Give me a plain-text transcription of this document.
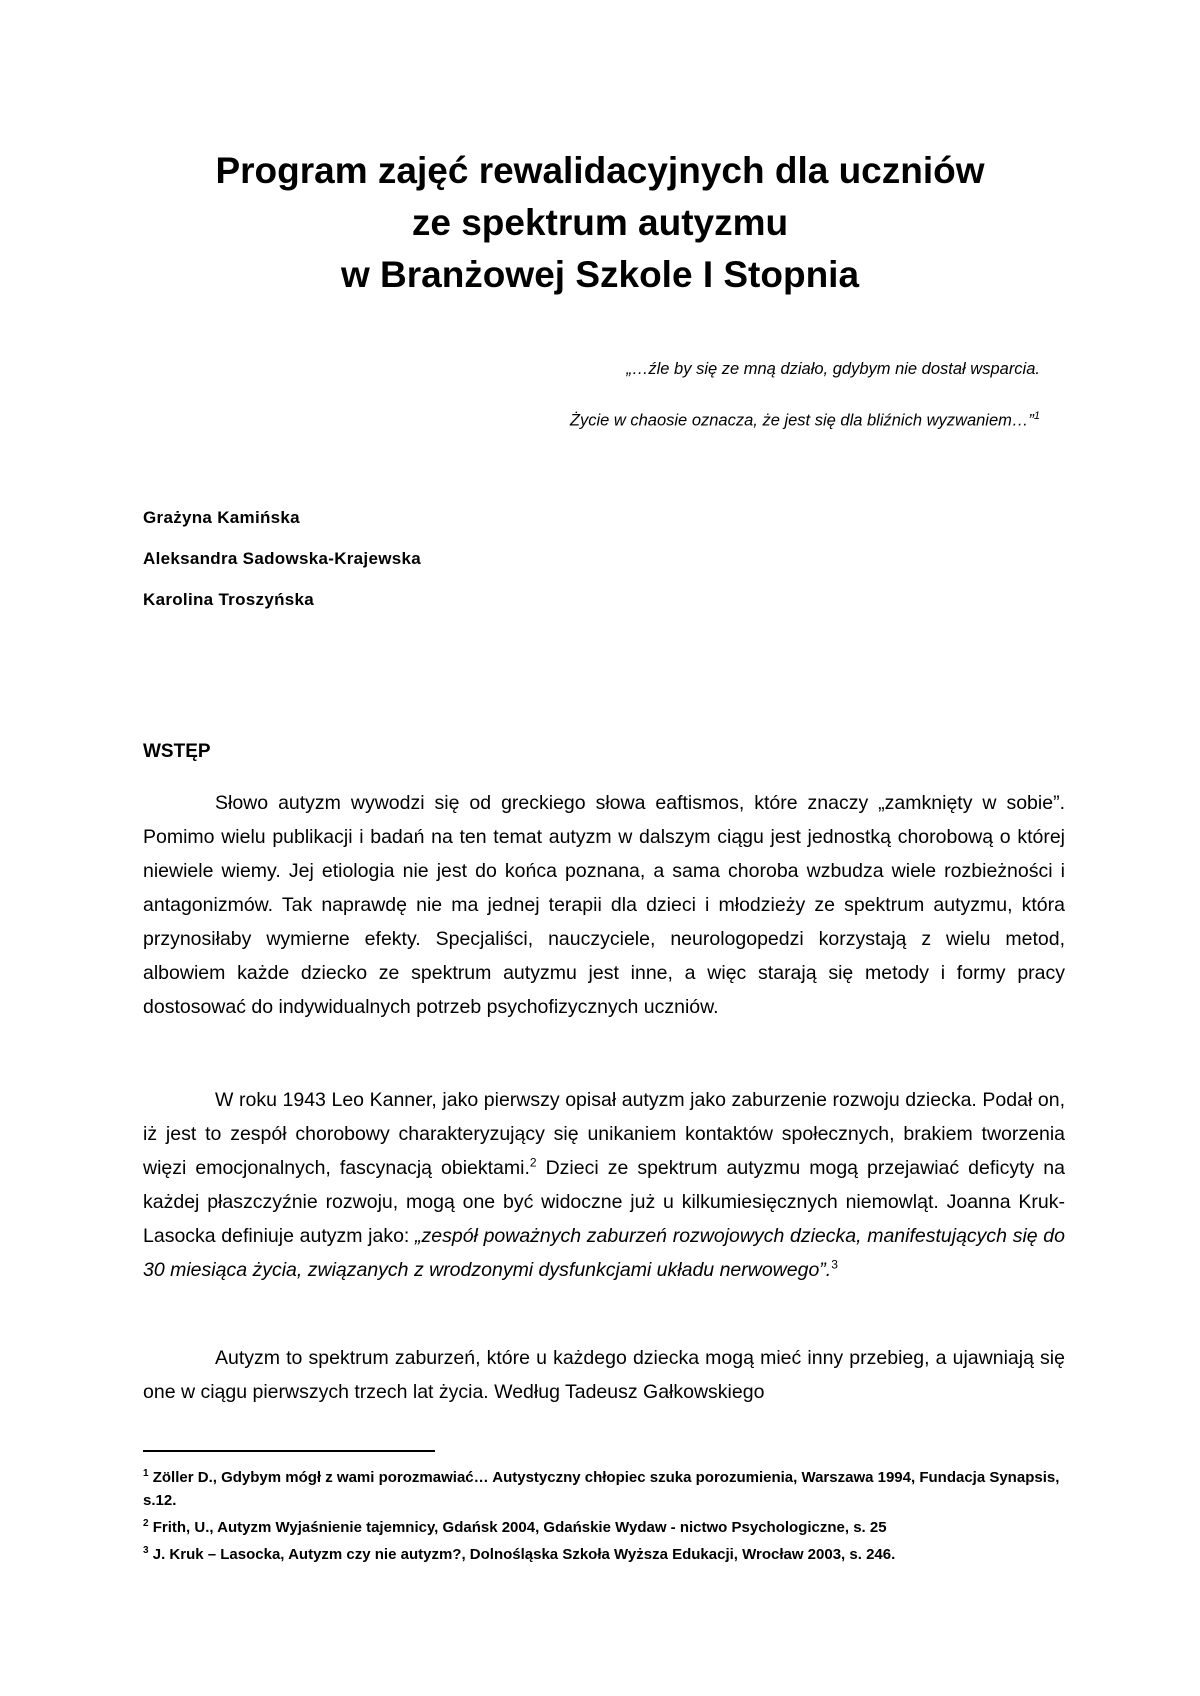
Program zajęć rewalidacyjnych dla uczniów
ze spektrum autyzmu
w Branżowej Szkole I Stopnia
„…źle by się ze mną działo, gdybym nie dostał wsparcia.
Życie w chaosie oznacza, że jest się dla bliźnich wyzwaniem…”$^1$
Grażyna Kamińska
Aleksandra Sadowska-Krajewska
Karolina Troszyńska
WSTĘP

Słowo autyzm wywodzi się od greckiego słowa eaftismos, które znaczy „zamknięty w sobie”. Pomimo wielu publikacji i badań na ten temat autyzm w dalszym ciągu jest jednostką chorobową o której niewiele wiemy. Jej etiologia nie jest do końca poznana, a sama choroba wzbudza wiele rozbieżności i antagonizmów. Tak naprawdę nie ma jednej terapii dla dzieci i młodzieży ze spektrum autyzmu, która przynosiłaby wymierne efekty. Specjaliści, nauczyciele, neurologopedzi korzystają z wielu metod, albowiem każde dziecko ze spektrum autyzmu jest inne, a więc starają się metody i formy pracy dostosować do indywidualnych potrzeb psychofizycznych uczniów.

W roku 1943 Leo Kanner, jako pierwszy opisał autyzm jako zaburzenie rozwoju dziecka. Podał on, iż jest to zespół chorobowy charakteryzujący się unikaniem kontaktów społecznych, brakiem tworzenia więzi emocjonalnych, fascynacją obiektami.$^2$ Dzieci ze spektrum autyzmu mogą przejawiać deficyty na każdej płaszczyźnie rozwoju, mogą one być widoczne już u kilkumiesięcznych niemowląt. Joanna Kruk- Lasocka definiuje autyzm jako: „zespół poważnych zaburzeń rozwojowych dziecka, manifestujących się do 30 miesiąca życia, związanych z wrodzonymi dysfunkcjami układu nerwowego”.$^3$

Autyzm to spektrum zaburzeń, które u każdego dziecka mogą mieć inny przebieg, a ujawniają się one w ciągu pierwszych trzech lat życia. Według Tadeusz Gałkowskiego

$^1$ Zöller D., Gdybym mógł z wami porozmawiać… Autystyczny chłopiec szuka porozumienia, Warszawa 1994, Fundacja Synapsis, s.12.
$^2$ Frith, U., Autyzm Wyjaśnienie tajemnicy, Gdańsk 2004, Gdańskie Wydaw - nictwo Psychologiczne, s. 25
$^3$ J. Kruk – Lasocka, Autyzm czy nie autyzm?, Dolnośląska Szkoła Wyższa Edukacji, Wrocław 2003, s. 246.
